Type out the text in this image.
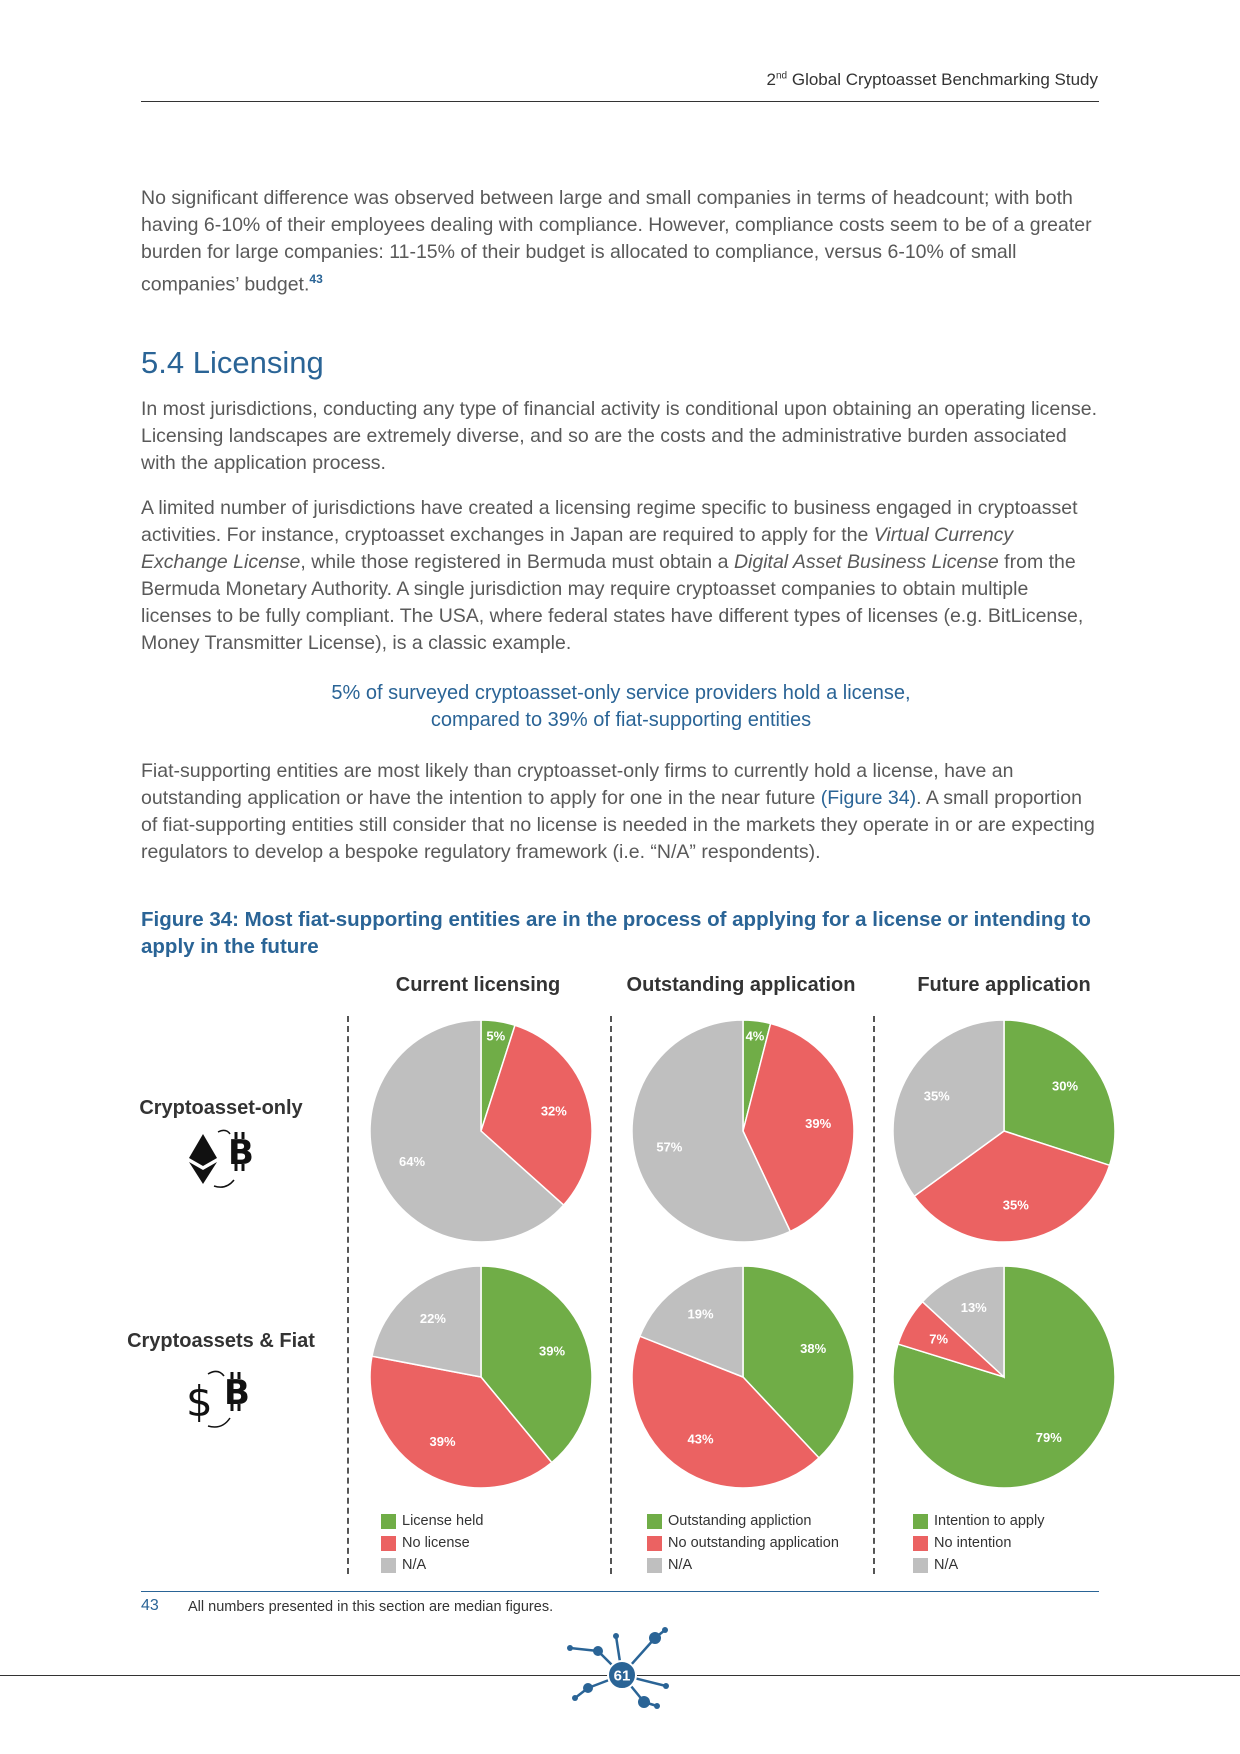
2nd Global Cryptoasset Benchmarking Study

No significant difference was observed between large and small companies in terms of headcount; with both having 6-10% of their employees dealing with compliance. However, compliance costs seem to be of a greater burden for large companies: 11-15% of their budget is allocated to compliance, versus 6-10% of small companies’ budget.$^{43}$

5.4 Licensing

In most jurisdictions, conducting any type of financial activity is conditional upon obtaining an operating license. Licensing landscapes are extremely diverse, and so are the costs and the administrative burden associated with the application process.

A limited number of jurisdictions have created a licensing regime specific to business engaged in cryptoasset activities. For instance, cryptoasset exchanges in Japan are required to apply for the Virtual Currency Exchange License, while those registered in Bermuda must obtain a Digital Asset Business License from the Bermuda Monetary Authority. A single jurisdiction may require cryptoasset companies to obtain multiple licenses to be fully compliant. The USA, where federal states have different types of licenses (e.g. BitLicense, Money Transmitter License), is a classic example.

5% of surveyed cryptoasset-only service providers hold a license,
compared to 39% of fiat-supporting entities

Fiat-supporting entities are most likely than cryptoasset-only firms to currently hold a license, have an outstanding application or have the intention to apply for one in the near future (Figure 34). A small proportion of fiat-supporting entities still consider that no license is needed in the markets they operate in or are expecting regulators to develop a bespoke regulatory framework (i.e. “N/A” respondents).

Figure 34: Most fiat-supporting entities are in the process of applying for a license or intending to apply in the future

Current licensing	Outstanding application	Future application
Cryptoasset-only
Cryptoassets & Fiat
B
$ B
5%
32%
64%
4%
39%
57%
30%
35%
35%
39%
39%
22%
38%
43%
19%
79%
7%
13%
License held
No license
N/A
Outstanding appliction
No outstanding application
N/A
Intention to apply
No intention
N/A
43 All numbers presented in this section are median figures.
61
